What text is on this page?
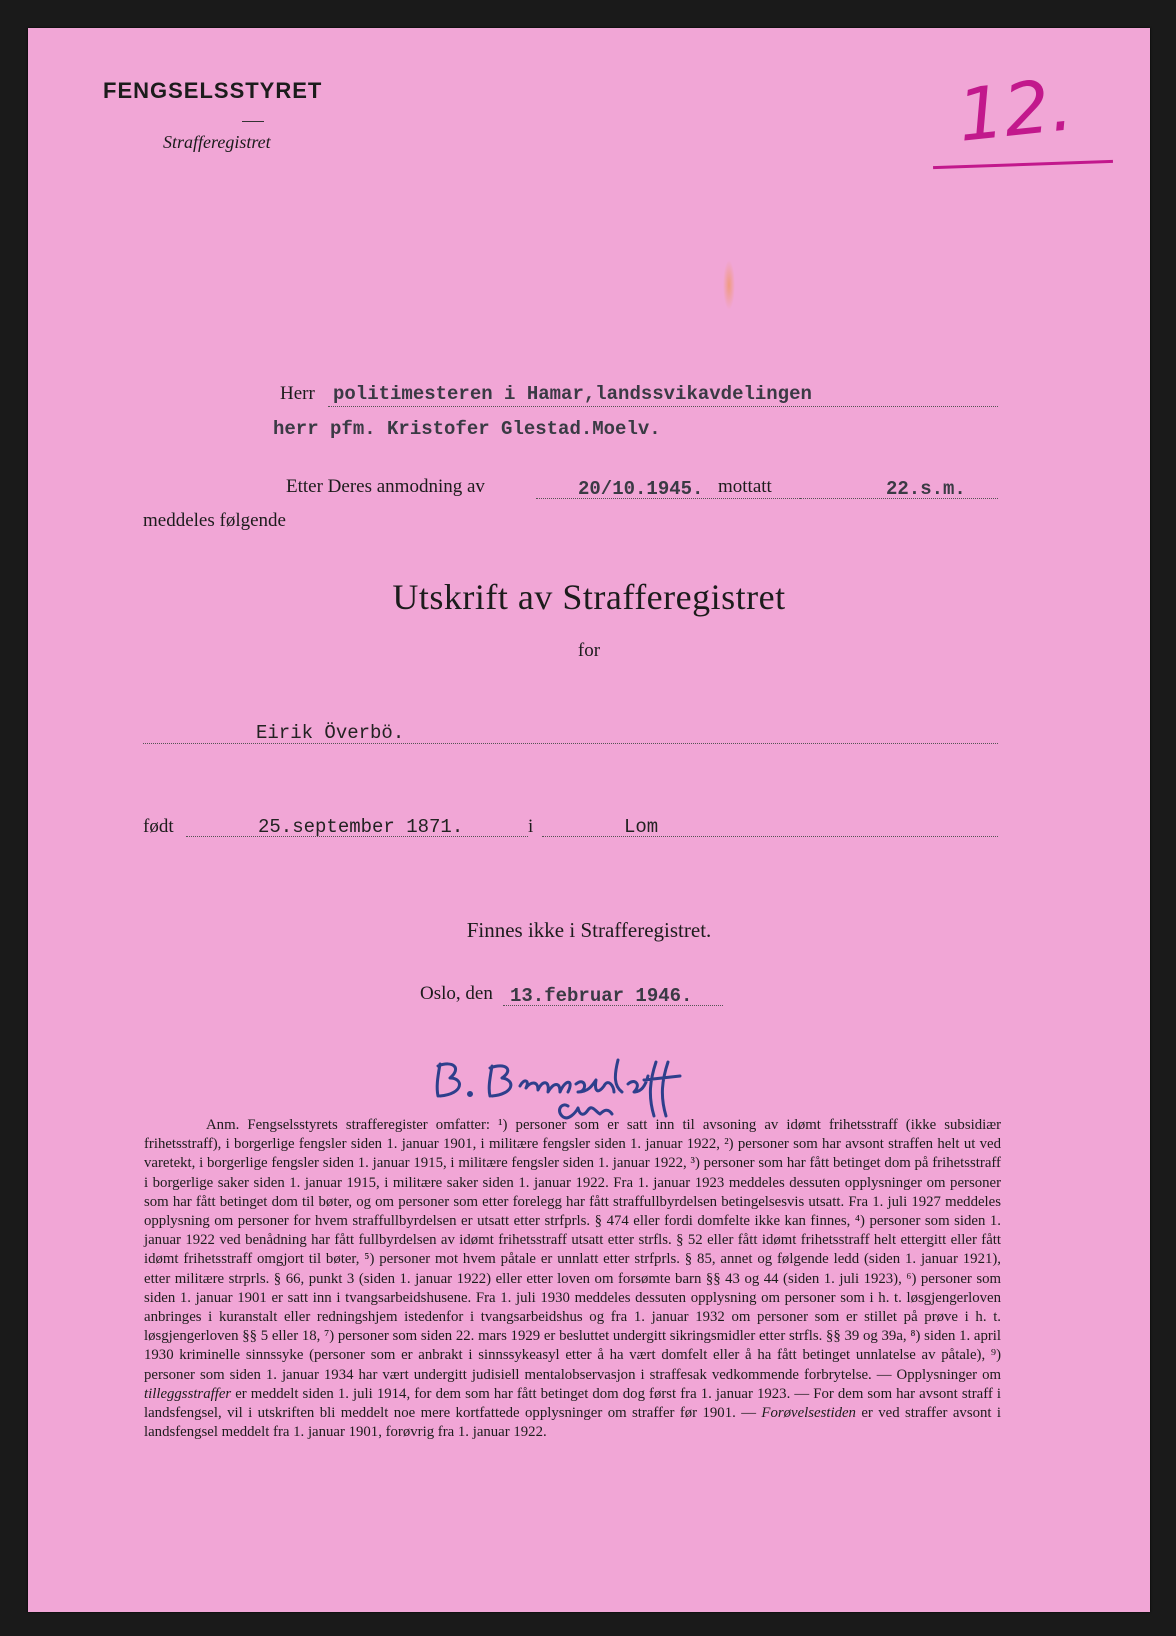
FENGSELSSTYRET
Strafferegistret	12.
Herr politimesteren i Hamar,landssvikavdelingen
herr pfm. Kristofer Glestad.Moelv.
Etter Deres anmodning av	20/10.1945. mottatt	22.s.m.
meddeles følgende
Utskrift av Strafferegistret
for
Eirik Överbö.
født	25.september 1871.	i	Lom
Finnes ikke i Strafferegistret.
Oslo, den 13.februar 1946.

Anm. Fengselsstyrets strafferegister omfatter: ¹) personer som er satt inn til avsoning av idømt frihetsstraff (ikke subsidiær frihetsstraff), i borgerlige fengsler siden 1. januar 1901, i militære fengsler siden 1. januar 1922, ²) personer som har avsont straffen helt ut ved varetekt, i borgerlige fengsler siden 1. januar 1915, i militære fengsler siden 1. januar 1922, ³) personer som har fått betinget dom på frihetsstraff i borgerlige saker siden 1. januar 1915, i militære saker siden 1. januar 1922. Fra 1. januar 1923 meddeles dessuten opplysninger om personer som har fått betinget dom til bøter, og om personer som etter forelegg har fått straffullbyrdelsen betingelsesvis utsatt. Fra 1. juli 1927 meddeles opplysning om personer for hvem straffullbyrdelsen er utsatt etter strfprls. § 474 eller fordi domfelte ikke kan finnes, ⁴) personer som siden 1. januar 1922 ved benådning har fått fullbyrdelsen av idømt frihetsstraff utsatt etter strfls. § 52 eller fått idømt frihetsstraff helt ettergitt eller fått idømt frihetsstraff omgjort til bøter, ⁵) personer mot hvem påtale er unnlatt etter strfprls. § 85, annet og følgende ledd (siden 1. januar 1921), etter militære strprls. § 66, punkt 3 (siden 1. januar 1922) eller etter loven om forsømte barn §§ 43 og 44 (siden 1. juli 1923), ⁶) personer som siden 1. januar 1901 er satt inn i tvangsarbeidshusene. Fra 1. juli 1930 meddeles dessuten opplysning om personer som i h. t. løsgjengerloven anbringes i kuranstalt eller redningshjem istedenfor i tvangsarbeidshus og fra 1. januar 1932 om personer som er stillet på prøve i h. t. løsgjengerloven §§ 5 eller 18, ⁷) personer som siden 22. mars 1929 er besluttet undergitt sikringsmidler etter strfls. §§ 39 og 39a, ⁸) siden 1. april 1930 kriminelle sinnssyke (personer som er anbrakt i sinnssykeasyl etter å ha vært domfelt eller å ha fått betinget unnlatelse av påtale), ⁹) personer som siden 1. januar 1934 har vært undergitt judisiell mentalobservasjon i straffesak vedkommende forbrytelse. — Opplysninger om tilleggsstraffer er meddelt siden 1. juli 1914, for dem som har fått betinget dom dog først fra 1. januar 1923. — For dem som har avsont straff i landsfengsel, vil i utskriften bli meddelt noe mere kortfattede opplysninger om straffer før 1901. — Forøvelsestiden er ved straffer avsont i landsfengsel meddelt fra 1. januar 1901, forøvrig fra 1. januar 1922.
